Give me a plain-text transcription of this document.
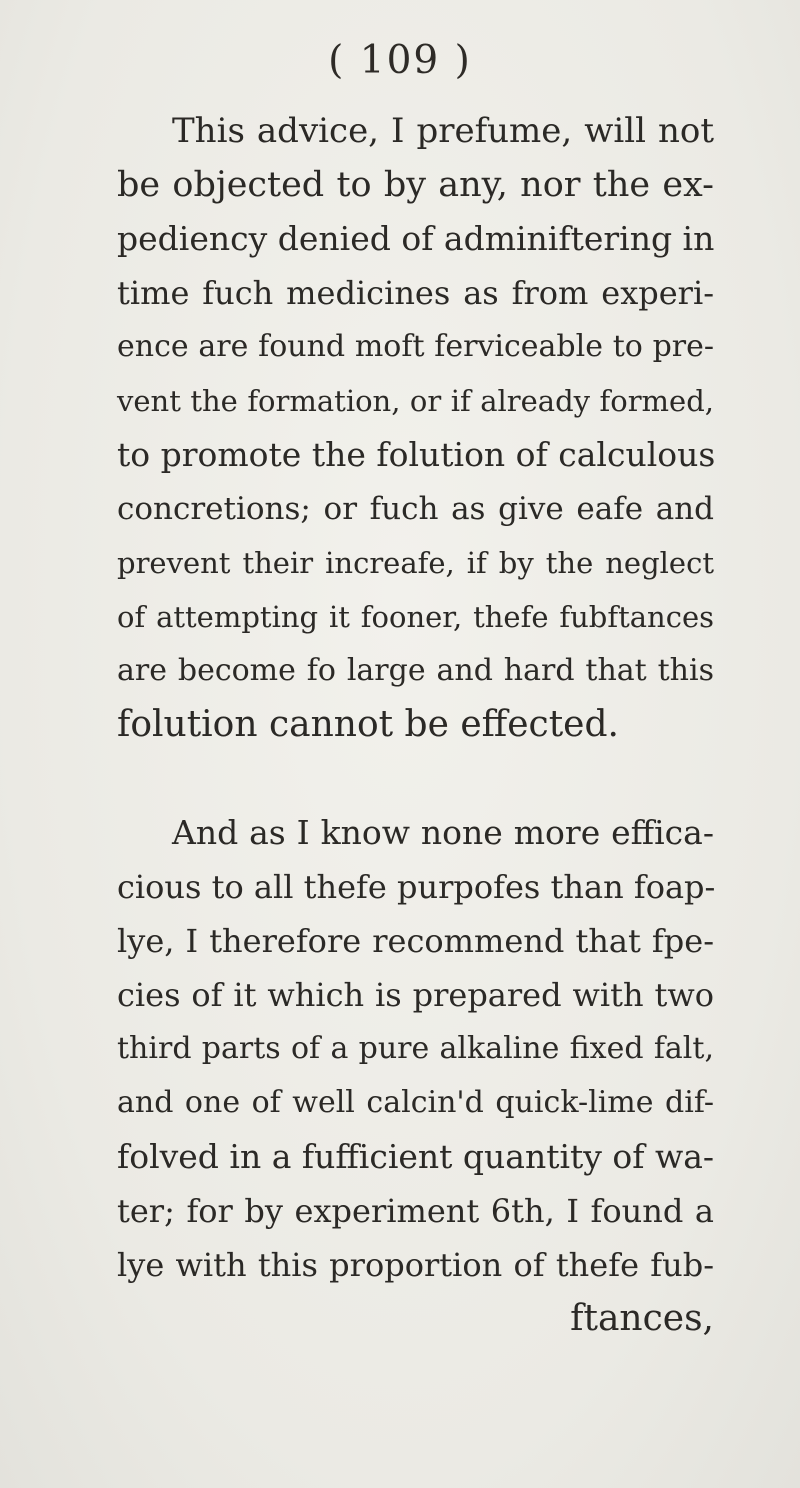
( 109 )
This advice, I prefume, will not
be objected to by any, nor the ex-
pediency denied of adminiftering in
time fuch medicines as from experi-
ence are found moft ferviceable to pre-
vent the formation, or if already formed,
to promote the folution of calculous
concretions; or fuch as give eafe and
prevent their increafe, if by the neglect
of attempting it fooner, thefe fubftances
are become fo large and hard that this
folution cannot be effected.
And as I know none more effica-
cious to all thefe purpofes than foap-
lye, I therefore recommend that fpe-
cies of it which is prepared with two
third parts of a pure alkaline fixed falt,
and one of well calcin'd quick-lime dif-
folved in a fufficient quantity of wa-
ter; for by experiment 6th, I found a
lye with this proportion of thefe fub-
ftances,
